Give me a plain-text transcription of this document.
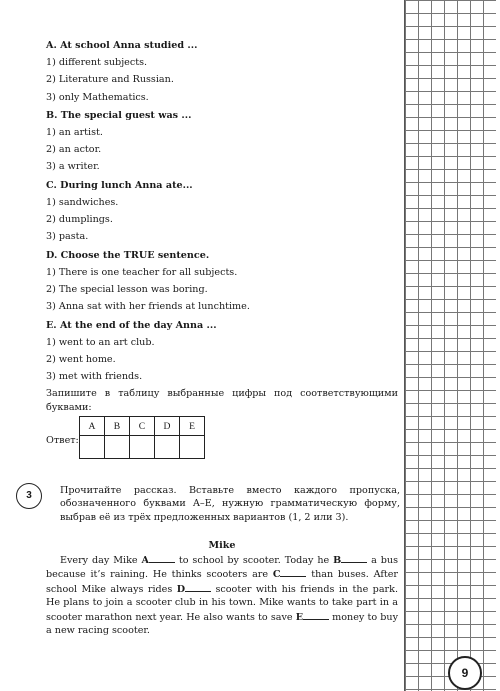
A. At school Anna studied ...

1) different subjects.

2) Literature and Russian.

3) only Mathematics.

B. The special guest was ...

1) an artist.

2) an actor.

3) a writer.

C. During lunch Anna ate...

1) sandwiches.

2) dumplings.

3) pasta.

D. Choose the TRUE sentence.

1) There is one teacher for all subjects.

2) The special lesson was boring.

3) Anna sat with her friends at lunchtime.

E. At the end of the day Anna ...

1) went to an art club.

2) went home.

3) met with friends.

Запишите в таблицу выбранные цифры под соответствующими буквами:

Ответ:
A	B	C	D	E

3	Прочитайте рассказ. Вставьте вместо каждого пропуска, обозначенного буквами A–E, нужную грамматическую форму, выбрав её из трёх предложенных вариантов (1, 2 или 3).
Mike
Every day Mike A	to school by scooter. Today he B	a bus because it’s raining. He thinks scooters are C	than buses. After school Mike always rides D	scooter with his friends in the park. He plans to join a scooter club in his town. Mike wants to take part in a scooter marathon next year. He also wants to save E	money to buy a new racing scooter.
9
